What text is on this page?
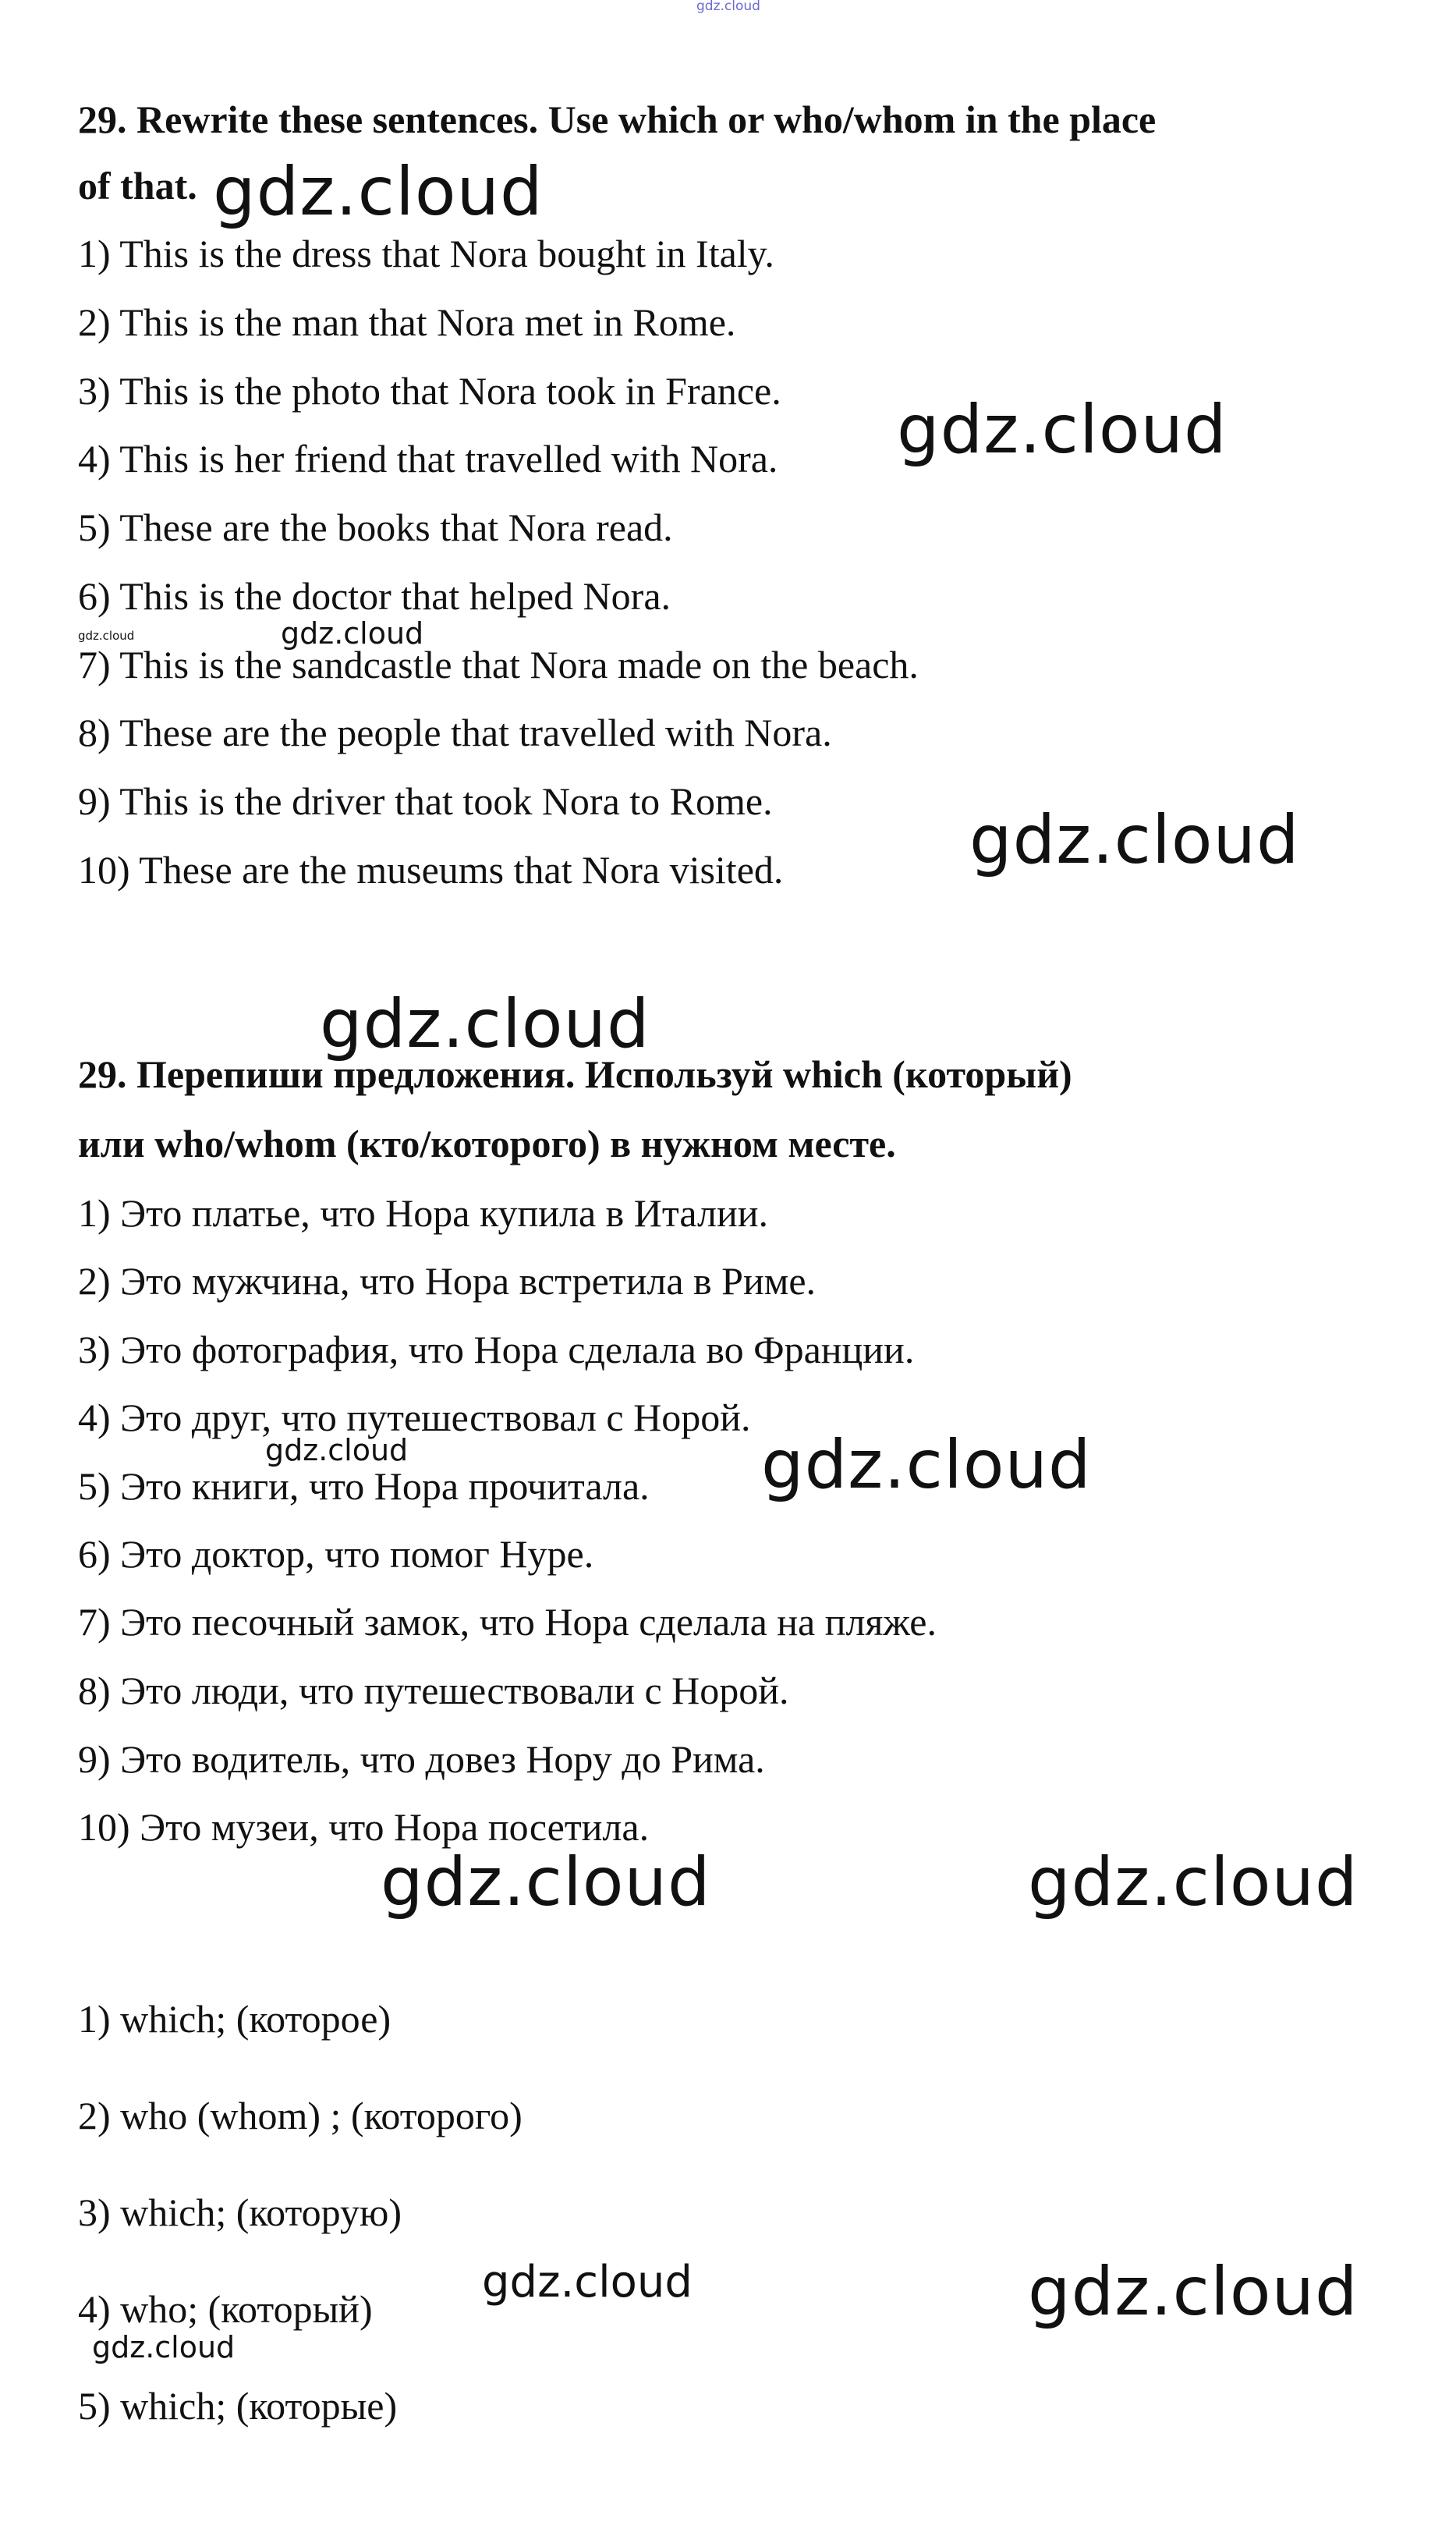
gdz.cloud
29. Rewrite these sentences. Use which or who/whom in the place
of that.
1) This is the dress that Nora bought in Italy.
2) This is the man that Nora met in Rome.
3) This is the photo that Nora took in France.
4) This is her friend that travelled with Nora.
5) These are the books that Nora read.
6) This is the doctor that helped Nora.
7) This is the sandcastle that Nora made on the beach.
8) These are the people that travelled with Nora.
9) This is the driver that took Nora to Rome.
10) These are the museums that Nora visited.
29. Перепиши предложения. Используй which (который)
или who/whom (кто/которого) в нужном месте.
1) Это платье, что Нора купила в Италии.
2) Это мужчина, что Нора встретила в Риме.
3) Это фотография, что Нора сделала во Франции.
4) Это друг, что путешествовал с Норой.
5) Это книги, что Нора прочитала.
6) Это доктор, что помог Нуре.
7) Это песочный замок, что Нора сделала на пляже.
8) Это люди, что путешествовали с Норой.
9) Это водитель, что довез Нору до Рима.
10) Это музеи, что Нора посетила.
1) which; (которое)
2) who (whom) ; (которого)
3) which; (которую)
4) who; (который)
5) which; (которые)
gdz.cloud
gdz.cloud
gdz.cloud	gdz.cloud
gdz.cloud
gdz.cloud
gdz.cloud	gdz.cloud
gdz.cloud	gdz.cloud
gdz.cloud	gdz.cloud
gdz.cloud
